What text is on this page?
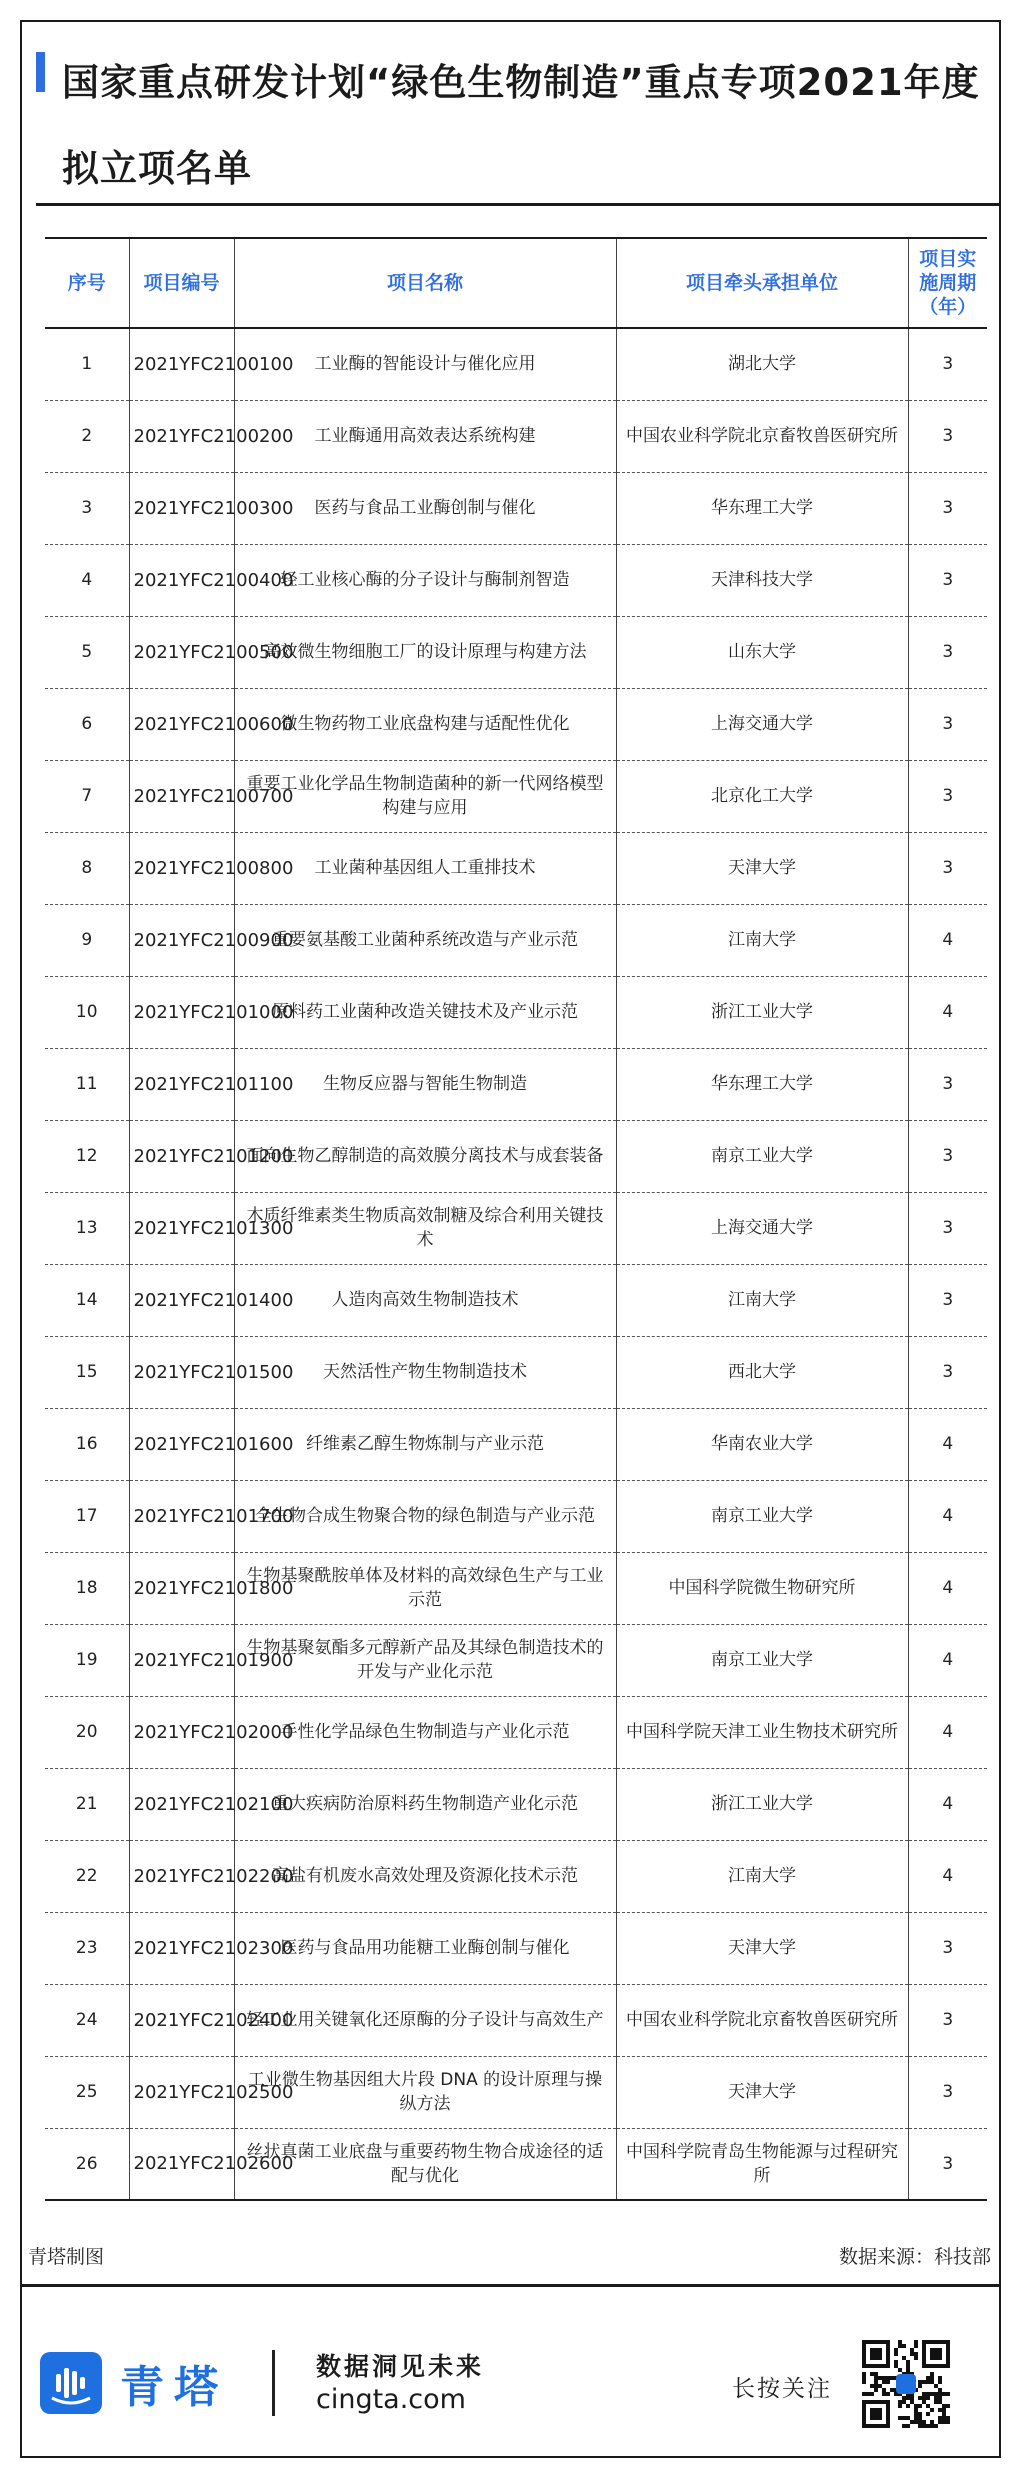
国家重点研发计划“绿色生物制造”重点专项2021年度拟立项名单
序号	项目编号	项目名称	项目牵头承担单位	项目实施周期（年）
1	2021YFC2100100	工业酶的智能设计与催化应用	湖北大学	3
2	2021YFC2100200	工业酶通用高效表达系统构建	中国农业科学院北京畜牧兽医研究所	3
3	2021YFC2100300	医药与食品工业酶创制与催化	华东理工大学	3
4	2021YFC2100400	轻工业核心酶的分子设计与酶制剂智造	天津科技大学	3
5	2021YFC2100500	高效微生物细胞工厂的设计原理与构建方法	山东大学	3
6	2021YFC2100600	微生物药物工业底盘构建与适配性优化	上海交通大学	3
7	2021YFC2100700	重要工业化学品生物制造菌种的新一代网络模型构建与应用	北京化工大学	3
8	2021YFC2100800	工业菌种基因组人工重排技术	天津大学	3
9	2021YFC2100900	重要氨基酸工业菌种系统改造与产业示范	江南大学	4
10	2021YFC2101000	原料药工业菌种改造关键技术及产业示范	浙江工业大学	4
11	2021YFC2101100	生物反应器与智能生物制造	华东理工大学	3
12	2021YFC2101200	面向生物乙醇制造的高效膜分离技术与成套装备	南京工业大学	3
13	2021YFC2101300	木质纤维素类生物质高效制糖及综合利用关键技术	上海交通大学	3
14	2021YFC2101400	人造肉高效生物制造技术	江南大学	3
15	2021YFC2101500	天然活性产物生物制造技术	西北大学	3
16	2021YFC2101600	纤维素乙醇生物炼制与产业示范	华南农业大学	4
17	2021YFC2101700	全生物合成生物聚合物的绿色制造与产业示范	南京工业大学	4
18	2021YFC2101800	生物基聚酰胺单体及材料的高效绿色生产与工业示范	中国科学院微生物研究所	4
19	2021YFC2101900	生物基聚氨酯多元醇新产品及其绿色制造技术的开发与产业化示范	南京工业大学	4
20	2021YFC2102000	手性化学品绿色生物制造与产业化示范	中国科学院天津工业生物技术研究所	4
21	2021YFC2102100	重大疾病防治原料药生物制造产业化示范	浙江工业大学	4
22	2021YFC2102200	高盐有机废水高效处理及资源化技术示范	江南大学	4
23	2021YFC2102300	医药与食品用功能糖工业酶创制与催化	天津大学	3
24	2021YFC2102400	轻工业用关键氧化还原酶的分子设计与高效生产	中国农业科学院北京畜牧兽医研究所	3
25	2021YFC2102500	工业微生物基因组大片段 DNA 的设计原理与操纵方法	天津大学	3
26	2021YFC2102600	丝状真菌工业底盘与重要药物生物合成途径的适配与优化	中国科学院青岛生物能源与过程研究所	3
青塔制图	数据来源：科技部
青塔	数据洞见未来
cingta.com	长按关注
